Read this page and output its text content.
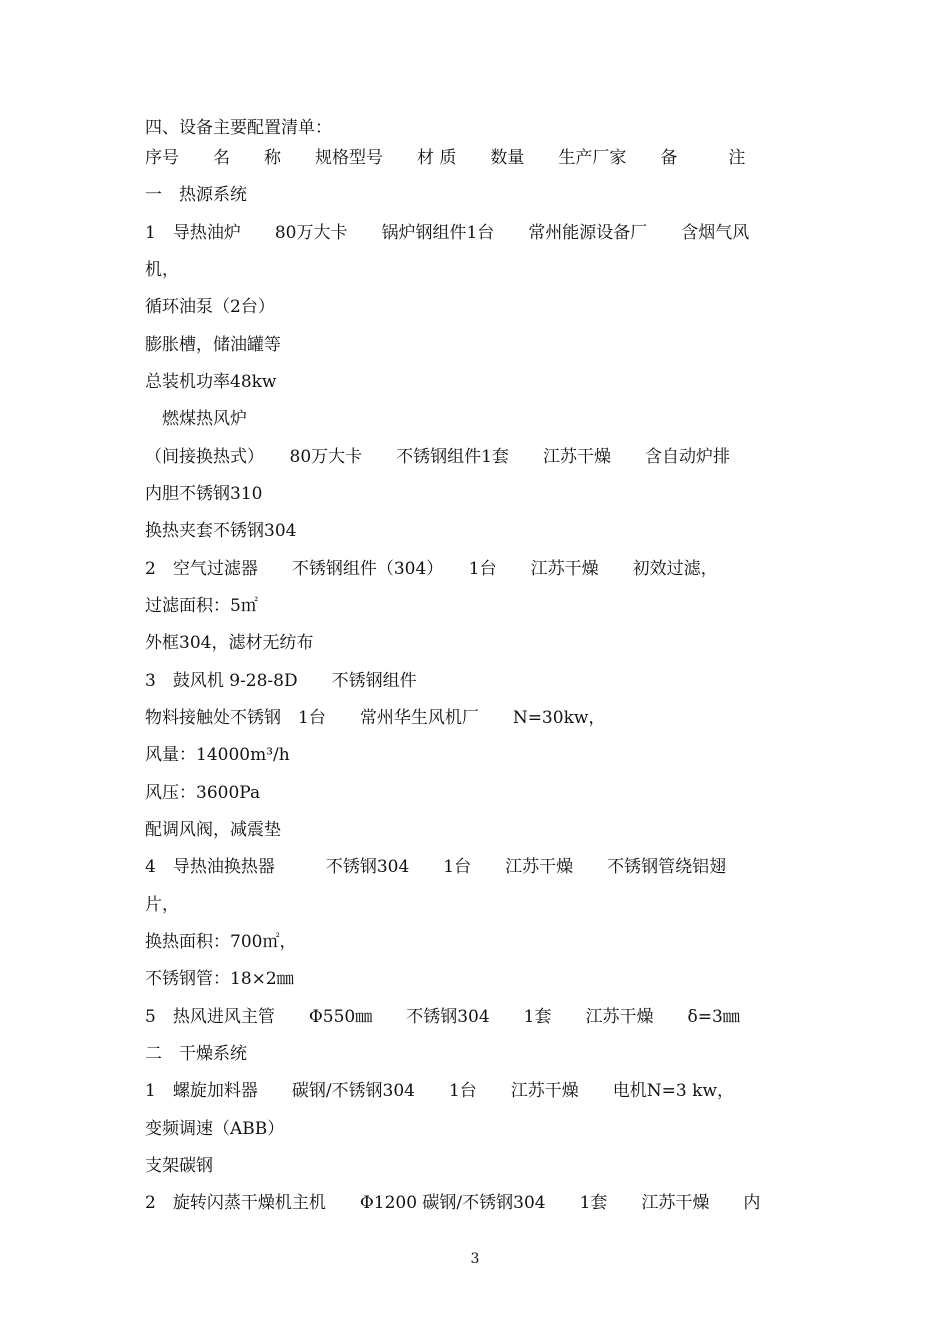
四、设备主要配置清单：
序号　　名　　称　　规格型号　　材 质　　数量　　生产厂家　　备　　　注
一　热源系统
1　导热油炉　　80万大卡　　锅炉钢组件1台　　常州能源设备厂　　含烟气风
机，
循环油泵（2台）
膨胀槽，储油罐等
总装机功率48kw
　燃煤热风炉
（间接换热式）　　80万大卡　　不锈钢组件1套　　江苏干燥　　含自动炉排
内胆不锈钢310
换热夹套不锈钢304
2　空气过滤器　　不锈钢组件（304）　　1台　　江苏干燥　　初效过滤，
过滤面积：5㎡
外框304，滤材无纺布
3　鼓风机 9-28-8D　　不锈钢组件
物料接触处不锈钢　1台　　常州华生风机厂　　N=30kw，
风量：14000m³/h
风压：3600Pa
配调风阀，减震垫
4　导热油换热器　　　不锈钢304　　1台　　江苏干燥　　不锈钢管绕铝翅
片，
换热面积：700㎡，
不锈钢管：18×2㎜
5　热风进风主管　　Φ550㎜　　不锈钢304　　1套　　江苏干燥　　δ=3㎜
二　干燥系统
1　螺旋加料器　　碳钢/不锈钢304　　1台　　江苏干燥　　电机N=3 kw，
变频调速（ABB）
支架碳钢
2　旋转闪蒸干燥机主机　　Φ1200 碳钢/不锈钢304　　1套　　江苏干燥　　内
3
